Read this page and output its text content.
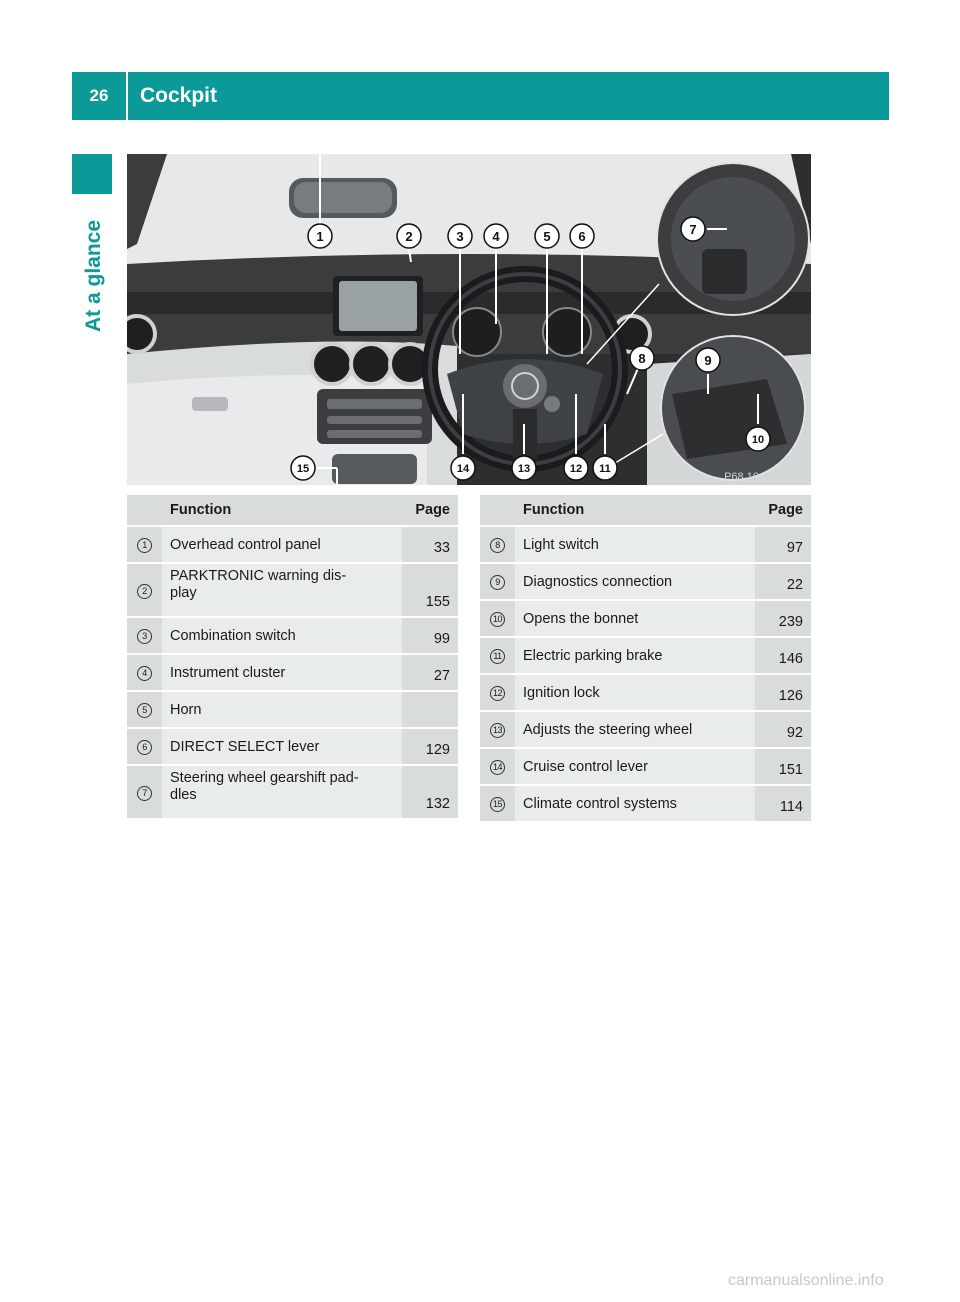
26	Cockpit
At a glance	1	2	3 4	5 6	7
8	9
10
11
12
13
14
15
P68.10-4721-31
	Function	Page
1	Overhead control panel	33
2	PARKTRONIC warning dis-
play	155
3	Combination switch	99
4	Instrument cluster	27
5	Horn	
6	DIRECT SELECT lever	129
7	Steering wheel gearshift pad-
dles	132
	Function	Page
8	Light switch	97
9	Diagnostics connection	22
10	Opens the bonnet	239
11	Electric parking brake	146
12	Ignition lock	126
13	Adjusts the steering wheel	92
14	Cruise control lever	151
15	Climate control systems	114
carmanualsonline.info
